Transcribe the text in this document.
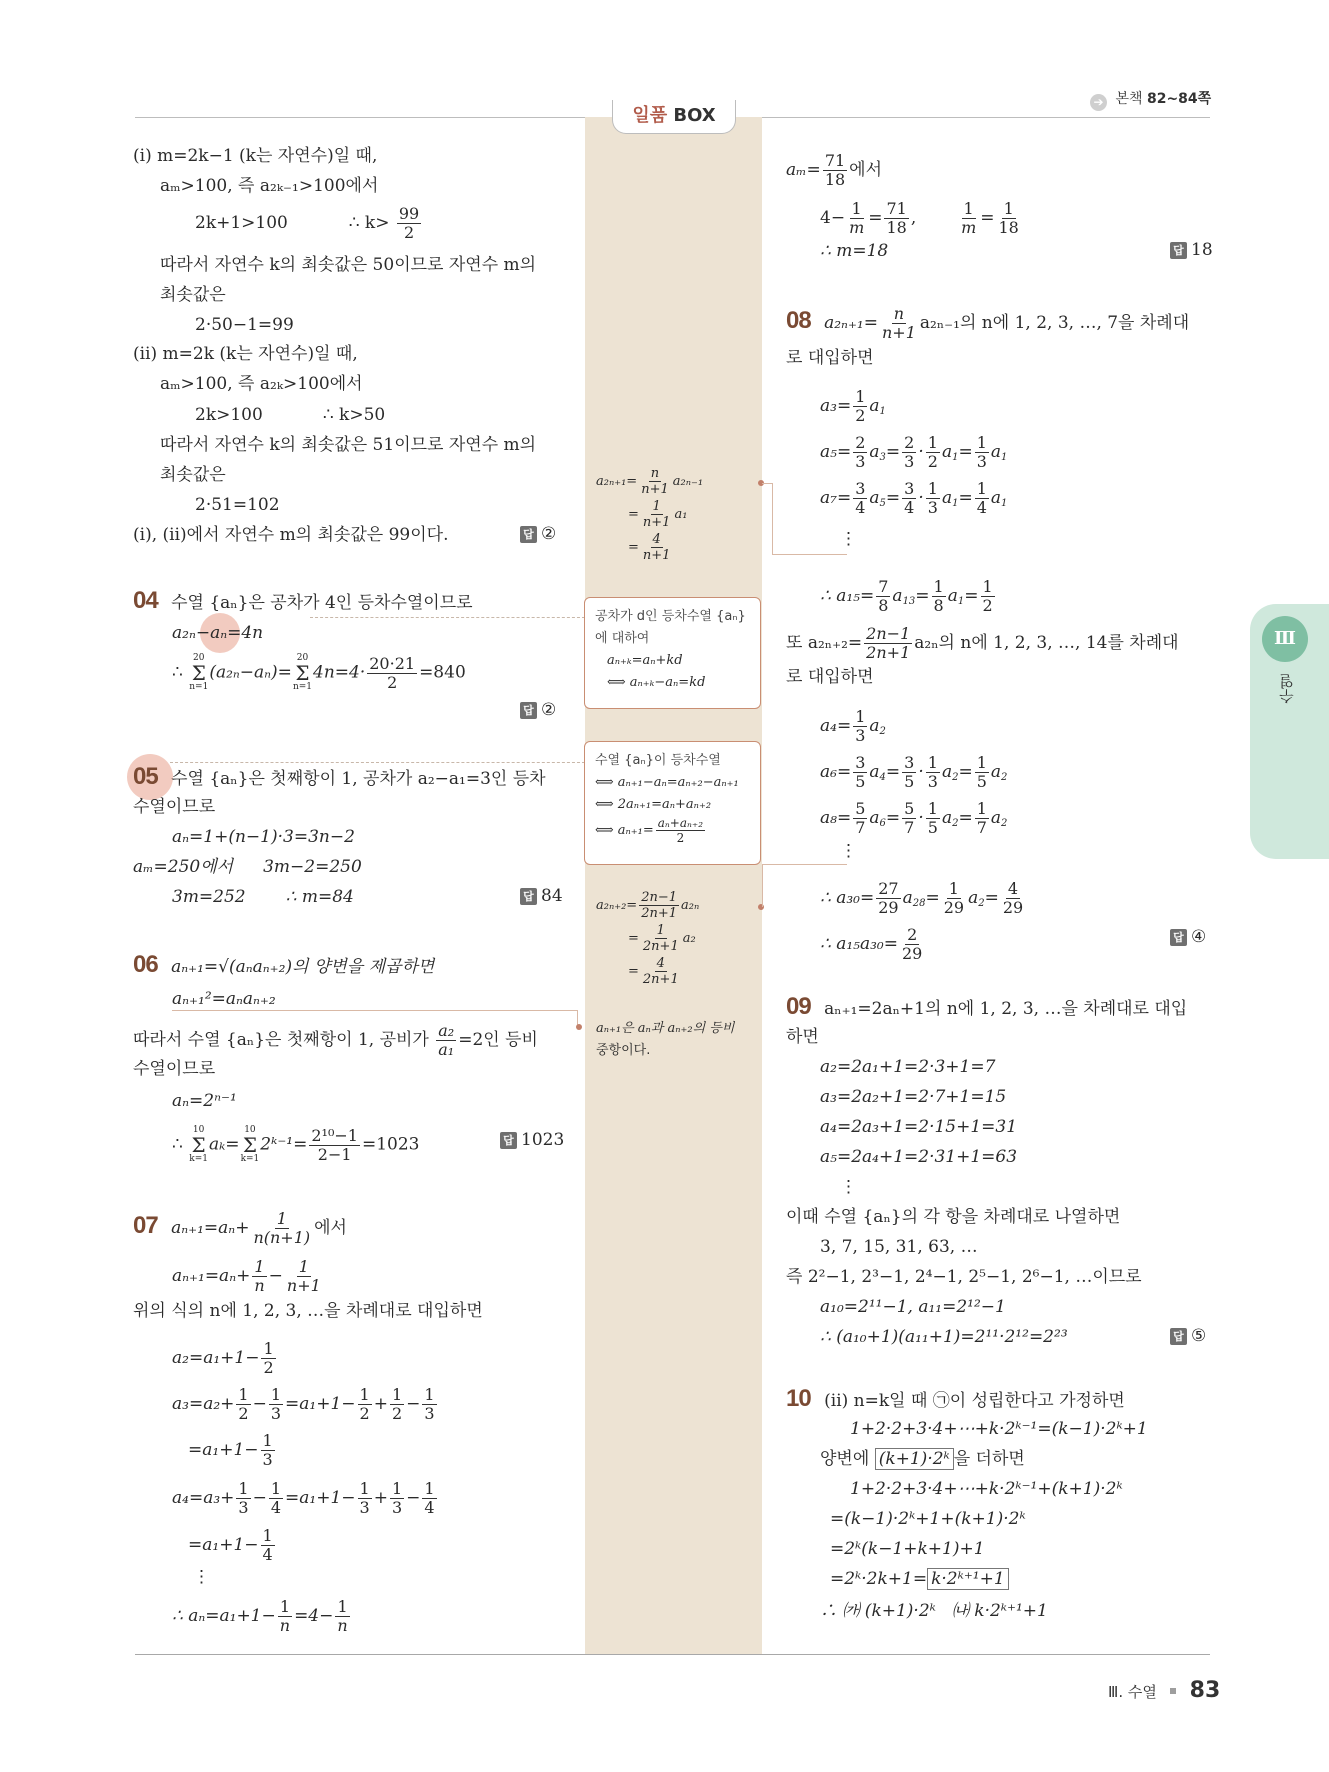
일품 BOX
➔ 본책 82~84쪽
Ⅲ
수열
Ⅲ. 수열 83
(ⅰ) m=2k−1 (k는 자연수)일 때,
aₘ>100, 즉 a₂ₖ₋₁>100에서
2k+1>100	∴ $k> \frac{99}{2}$
따라서 자연수 k의 최솟값은 50이므로 자연수 m의
최솟값은
2·50−1=99
(ⅱ) m=2k (k는 자연수)일 때,
aₘ>100, 즉 a₂ₖ>100에서
2k>100	∴ k>50
따라서 자연수 k의 최솟값은 51이므로 자연수 m의
최솟값은
2·51=102
(ⅰ), (ⅱ)에서 자연수 m의 최솟값은 99이다.	답 ②
04 수열 {aₙ}은 공차가 4인 등차수열이므로
a₂ₙ−aₙ=4n
∴
20
Σ
n=1
(a₂ₙ−aₙ)=
20
Σ
n=1
$4n=4\cdot \frac{20\cdot 21}{2} =840$
답 ②
05 수열 {aₙ}은 첫째항이 1, 공차가 a₂−a₁=3인 등차
수열이므로
aₙ=1+(n−1)·3=3n−2
aₘ=250에서 3m−2=250
3m=252 ∴ m=84	답 84
06 aₙ₊₁=√(aₙaₙ₊₂)의 양변을 제곱하면
aₙ₊₁²=aₙaₙ₊₂
따라서 수열 {aₙ}은 첫째항이 1, 공비가 $\frac{\text{a₂}}{\text{a₁}} =2$인 등비
수열이므로
aₙ=2ⁿ⁻¹
∴
10
Σ
k=1
aₖ=
10
Σ
k=1
2ᵏ⁻¹= $\frac{\text{2¹⁰−1}}{2-1} =1023$	답 1023
07 $a_{n+1}=a_n+ \frac{1}{n(n+1)}$ 에서
$a_{n+1}=a_n+ \frac{1}{n} - \frac{1}{n+1}$
위의 식의 n에 1, 2, 3, …을 차례대로 대입하면
$a_2=a_1+1- \frac{1}{2}$
$a_3=a_2+ \frac{1}{2} - \frac{1}{3} =a_1+1- \frac{1}{2} + \frac{1}{2} - \frac{1}{3}$
$=a_1+1- \frac{1}{3}$
$a_4=a_3+ \frac{1}{3} - \frac{1}{4} =a_1+1- \frac{1}{3} + \frac{1}{3} - \frac{1}{4}$
$=a_1+1- \frac{1}{4}$
⋮
∴ $a_n=a_1+1- \frac{1}{n} =4- \frac{1}{n}$
$a_{2n+1}= \frac{n}{n+1} a_{2n-1}$
= $\frac{1}{n+1} a_1$
= $\frac{4}{n+1}$
공차가 d인 등차수열 {aₙ}
에 대하여
aₙ₊ₖ=aₙ+kd
⟺ aₙ₊ₖ−aₙ=kd
수열 {aₙ}이 등차수열
⟺ aₙ₊₁−aₙ=aₙ₊₂−aₙ₊₁
⟺ 2aₙ₊₁=aₙ+aₙ₊₂
⟺ $a_{n+1}= \frac{\text{aₙ+aₙ₊₂}}{2}$
$a_{2n+2}= \frac{2n-1}{2n+1} a_{2n}$
= $\frac{1}{2n+1} a_2$
= $\frac{4}{2n+1}$
aₙ₊₁은 aₙ과 aₙ₊₂의 등비
중항이다.
$a_m= \frac{71}{18}$ 에서
$4- \frac{1}{m} = \frac{71}{18}$ ,	$\frac{1}{m} = \frac{1}{18}$
∴ m=18	답 18
08 $a_{2n+1}= \frac{n}{n+1} a_{2n-1}$의 n에 1, 2, 3, …, 7을 차례대
로 대입하면
$a_3= \frac{1}{2} a_1$
$a_5= \frac{2}{3} a_3= \frac{2}{3} \cdot \frac{1}{2} a_1= \frac{1}{3} a_1$
$a_7= \frac{3}{4} a_5= \frac{3}{4} \cdot \frac{1}{3} a_1= \frac{1}{4} a_1$
⋮
∴ $a_{15}= \frac{7}{8} a_{13}= \frac{1}{8} a_1= \frac{1}{2}$
또 $a_{2n+2}= \frac{2n-1}{2n+1} a_{2n}$의 n에 1, 2, 3, …, 14를 차례대
로 대입하면
$a_4= \frac{1}{3} a_2$
$a_6= \frac{3}{5} a_4= \frac{3}{5} \cdot \frac{1}{3} a_2= \frac{1}{5} a_2$
$a_8= \frac{5}{7} a_6= \frac{5}{7} \cdot \frac{1}{5} a_2= \frac{1}{7} a_2$
⋮
∴ $a_{30}= \frac{27}{29} a_{28}= \frac{1}{29} a_2= \frac{4}{29}$
∴ $a_{15}a_{30}= \frac{2}{29}$	답 ④
09 aₙ₊₁=2aₙ+1의 n에 1, 2, 3, …을 차례대로 대입
하면
a₂=2a₁+1=2·3+1=7
a₃=2a₂+1=2·7+1=15
a₄=2a₃+1=2·15+1=31
a₅=2a₄+1=2·31+1=63
⋮
이때 수열 {aₙ}의 각 항을 차례대로 나열하면
3, 7, 15, 31, 63, …
즉 2²−1, 2³−1, 2⁴−1, 2⁵−1, 2⁶−1, …이므로
a₁₀=2¹¹−1, a₁₁=2¹²−1
∴ (a₁₀+1)(a₁₁+1)=2¹¹·2¹²=2²³	답 ⑤
10 (ⅱ) n=k일 때 ㉠이 성립한다고 가정하면
1+2·2+3·4+⋯+k·2ᵏ⁻¹=(k−1)·2ᵏ+1
양변에 (k+1)·2ᵏ 을 더하면
1+2·2+3·4+⋯+k·2ᵏ⁻¹+(k+1)·2ᵏ
=(k−1)·2ᵏ+1+(k+1)·2ᵏ
=2ᵏ(k−1+k+1)+1
=2ᵏ·2k+1= k·2ᵏ⁺¹+1
∴ ㈎ (k+1)·2ᵏ ㈏ k·2ᵏ⁺¹+1
